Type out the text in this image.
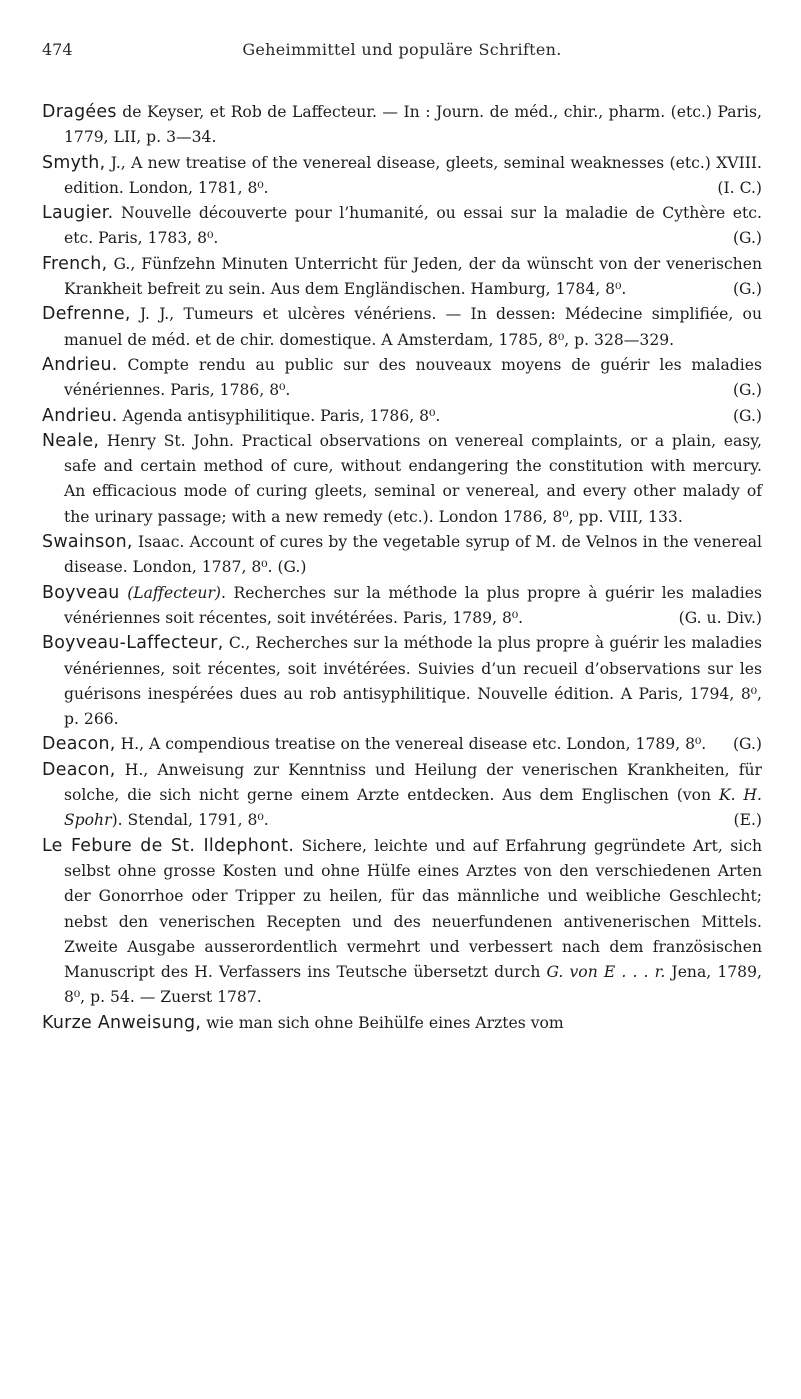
474	Geheimmittel und populäre Schriften.

Dragées de Keyser, et Rob de Laffecteur. — In : Journ. de méd., chir., pharm. (etc.) Paris, 1779, LII, p. 3—34.

Smyth, J., A new treatise of the venereal disease, gleets, seminal weaknesses (etc.) XVIII. edition. London, 1781, 8⁰.	(I. C.)

Laugier. Nouvelle découverte pour l’humanité, ou essai sur la maladie de Cythère etc. etc. Paris, 1783, 8⁰.	(G.)

French, G., Fünfzehn Minuten Unterricht für Jeden, der da wünscht von der venerischen Krankheit befreit zu sein. Aus dem Engländischen. Hamburg, 1784, 8⁰.	(G.)

Defrenne, J. J., Tumeurs et ulcères vénériens. — In dessen: Médecine simplifiée, ou manuel de méd. et de chir. domestique. A Amsterdam, 1785, 8⁰, p. 328—329.

Andrieu. Compte rendu au public sur des nouveaux moyens de guérir les maladies vénériennes. Paris, 1786, 8⁰.	(G.)

Andrieu. Agenda antisyphilitique. Paris, 1786, 8⁰.	(G.)

Neale, Henry St. John. Practical observations on venereal complaints, or a plain, easy, safe and certain method of cure, without endangering the constitution with mercury. An efficacious mode of curing gleets, seminal or venereal, and every other malady of the urinary passage; with a new remedy (etc.). London 1786, 8⁰, pp. VIII, 133.

Swainson, Isaac. Account of cures by the vegetable syrup of M. de Velnos in the venereal disease. London, 1787, 8⁰. (G.)

Boyveau (Laffecteur). Recherches sur la méthode la plus propre à guérir les maladies vénériennes soit récentes, soit invétérées. Paris, 1789, 8⁰.	(G. u. Div.)

Boyveau-Laffecteur, C., Recherches sur la méthode la plus propre à guérir les maladies vénériennes, soit récentes, soit invétérées. Suivies d’un recueil d’observations sur les guérisons inespérées dues au rob antisyphilitique. Nouvelle édition. A Paris, 1794, 8⁰, p. 266.

Deacon, H., A compendious treatise on the venereal disease etc. London, 1789, 8⁰. (G.)

Deacon, H., Anweisung zur Kenntniss und Heilung der venerischen Krankheiten, für solche, die sich nicht gerne einem Arzte entdecken. Aus dem Englischen (von K. H. Spohr). Stendal, 1791, 8⁰.	(E.)

Le Febure de St. Ildephont. Sichere, leichte und auf Erfahrung gegründete Art, sich selbst ohne grosse Kosten und ohne Hülfe eines Arztes von den verschiedenen Arten der Gonorrhoe oder Tripper zu heilen, für das männliche und weibliche Geschlecht; nebst den venerischen Recepten und des neuerfundenen antivenerischen Mittels. Zweite Ausgabe ausserordentlich vermehrt und verbessert nach dem französischen Manuscript des H. Verfassers ins Teutsche übersetzt durch G. von E . . . r. Jena, 1789, 8⁰, p. 54. — Zuerst 1787.

Kurze Anweisung, wie man sich ohne Beihülfe eines Arztes vom
